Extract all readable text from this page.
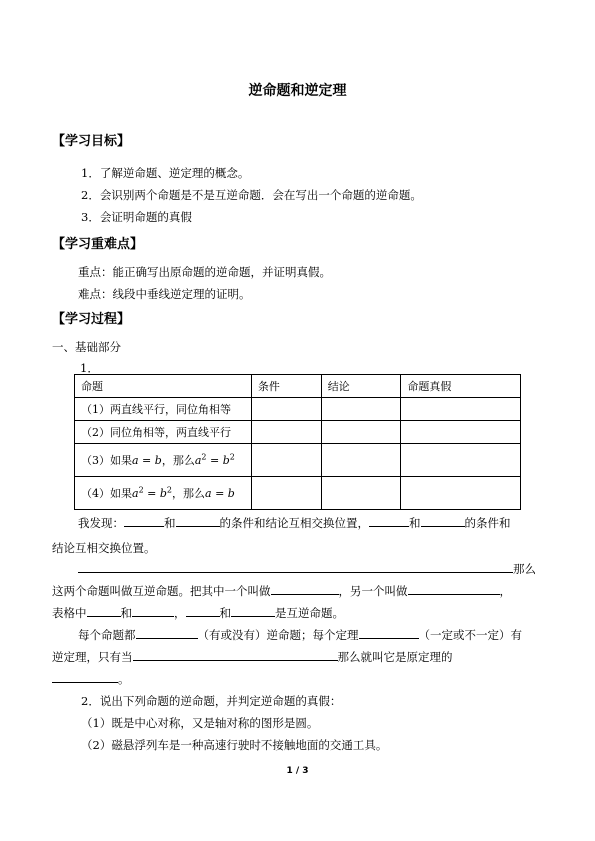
逆命题和逆定理
【学习目标】
1．了解逆命题、逆定理的概念。
2．会识别两个命题是不是互逆命题．会在写出一个命题的逆命题。
3．会证明命题的真假
【学习重难点】
重点：能正确写出原命题的逆命题，并证明真假。
难点：线段中垂线逆定理的证明。
【学习过程】
一、基础部分
1．
命题	条件	结论	命题真假
（1）两直线平行，同位角相等			
（2）同位角相等，两直线平行			
（3）如果a = b，那么$a^2 = b^2$			
（4）如果$a^2 = b^2$，那么a = b			
我发现：	和	的条件和结论互相交换位置，	和	的条件和
结论互相交换位置。
那么
这两个命题叫做互逆命题。把其中一个叫做	，另一个叫做	，
表格中	和	，	和	是互逆命题。
每个命题都	（有或没有）逆命题；每个定理	（一定或不一定）有
逆定理，只有当	那么就叫它是原定理的
。
2．说出下列命题的逆命题，并判定逆命题的真假：
（1）既是中心对称，又是轴对称的图形是圆。
（2）磁悬浮列车是一种高速行驶时不接触地面的交通工具。
1 / 3
